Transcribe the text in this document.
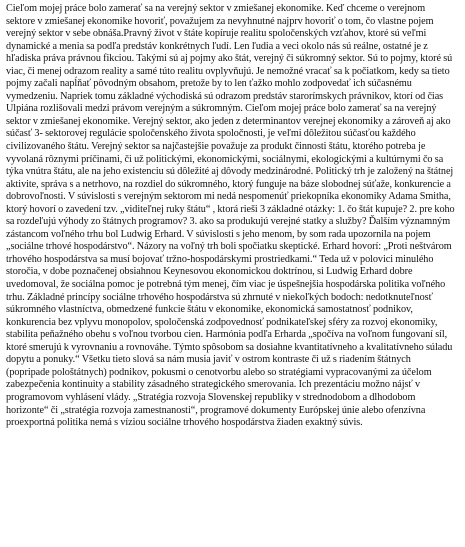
Cieľom mojej práce bolo zamerať sa na verejný sektor v zmiešanej ekonomike. Keď chceme o verejnom sektore v zmiešanej ekonomike hovoriť, považujem za nevyhnutné najprv hovoriť o tom, čo vlastne pojem verejný sektor v sebe obnáša.Pravný život v štáte kopíruje realitu spoločenských vzťahov, ktoré sú veľmi dynamické a menia sa podľa predstáv konkrétnych ľudí. Len ľudia a veci okolo nás sú reálne, ostatné je z hľadiska práva právnou fikciou. Takými sú aj pojmy ako štát, verejný či súkromný sektor. Sú to pojmy, ktoré sú viac, či menej odrazom reality a samé túto realitu ovplyvňujú. Je nemožné vracať sa k počiatkom, kedy sa tieto pojmy začali napĺňať pôvodným obsahom, pretože by to len ťažko mohlo zodpovedať ich súčasnému vymedzeniu. Napriek tomu základné východiská sú odrazom predstáv starorímskych právnikov, ktorí od čias Ulpiána rozlišovali medzi právom verejným a súkromným. Cieľom mojej práce bolo zamerať sa na verejný sektor v zmiešanej ekonomike. Verejný sektor, ako jeden z determinantov verejnej ekonomiky a zároveň aj ako súčasť 3- sektorovej regulácie spoločenského života spoločnosti, je veľmi dôležitou súčasťou každého civilizovaného štátu. Verejný sektor sa najčastejšie považuje za produkt činnosti štátu, ktorého potreba je vyvolaná rôznymi príčinami, či už politickými, ekonomickými, sociálnymi, ekologickými a kultúrnymi čo sa týka vnútra štátu, ale na jeho existenciu sú dôležité aj dôvody medzinárodné. Politický trh je založený na štátnej aktivite, správa s a netrhovo, na rozdiel do súkromného, ktorý funguje na báze slobodnej súťaže, konkurencie a dobrovoľnosti. V súvislosti s verejným sektorom mi nedá nespomenúť priekopníka ekonomiky Adama Smitha, ktorý hovorí o zavedení tzv. „viditeľnej ruky štátu“ , ktorá rieši 3 základné otázky: 1. čo štát kupuje? 2. pre koho sa rozdeľujú výhody zo štátnych programov? 3. ako sa produkujú verejné statky a služby? Ďalším významným zástancom voľného trhu bol Ludwig Erhard. V súvislosti s jeho menom, by som rada upozornila na pojem „sociálne trhové hospodárstvo“. Názory na voľný trh boli spočiatku skeptické. Erhard hovorí: „Proti neštvárom trhového hospodárstva sa musí bojovať tržno-hospodárskymi prostriedkami.“ Teda už v polovici minulého storočia, v dobe poznačenej obsiahnou Keynesovou ekonomickou doktrínou, si Ludwig Erhard dobre uvedomoval, že sociálna pomoc je potrebná tým menej, čím viac je úspešnejšia hospodárska politika voľného trhu. Základné princípy sociálne trhového hospodárstva sú zhrnuté v niekoľkých bodoch: nedotknuteľnosť súkromného vlastníctva, obmedzené funkcie štátu v ekonomike, ekonomická samostatnosť podnikov, konkurencia bez vplyvu monopolov, spoločenská zodpovednosť podnikateľskej sféry za rozvoj ekonomiky, stabilita peňažného obehu s voľnou tvorbou cien. Harmónia podľa Erharda „spočíva na voľnom fungovaní síl, ktoré smerujú k vyrovnaniu a rovnováhe. Týmto spôsobom sa dosiahne kvantitatívneho a kvalitatívneho súladu dopytu a ponuky.“ Všetku tieto slová sa nám musia javiť v ostrom kontraste či už s riadením štátnych (popripade pološtátnych) podnikov, pokusmi o cenotvorbu alebo so stratégiami vypracovanými za účelom zabezpečenia kontinuity a stability zásadného strategického smerovania. Ich prezentáciu možno nájsť v programovom vyhlásení vlády. „Stratégia rozvoja Slovenskej republiky v strednodobom a dlhodobom horizonte“ či „stratégia rozvoja zamestnanosti“, programové dokumenty Európskej únie alebo ofenzívna proexportná politika nemá s víziou sociálne trhového hospodárstva žiaden exaktný súvis.
